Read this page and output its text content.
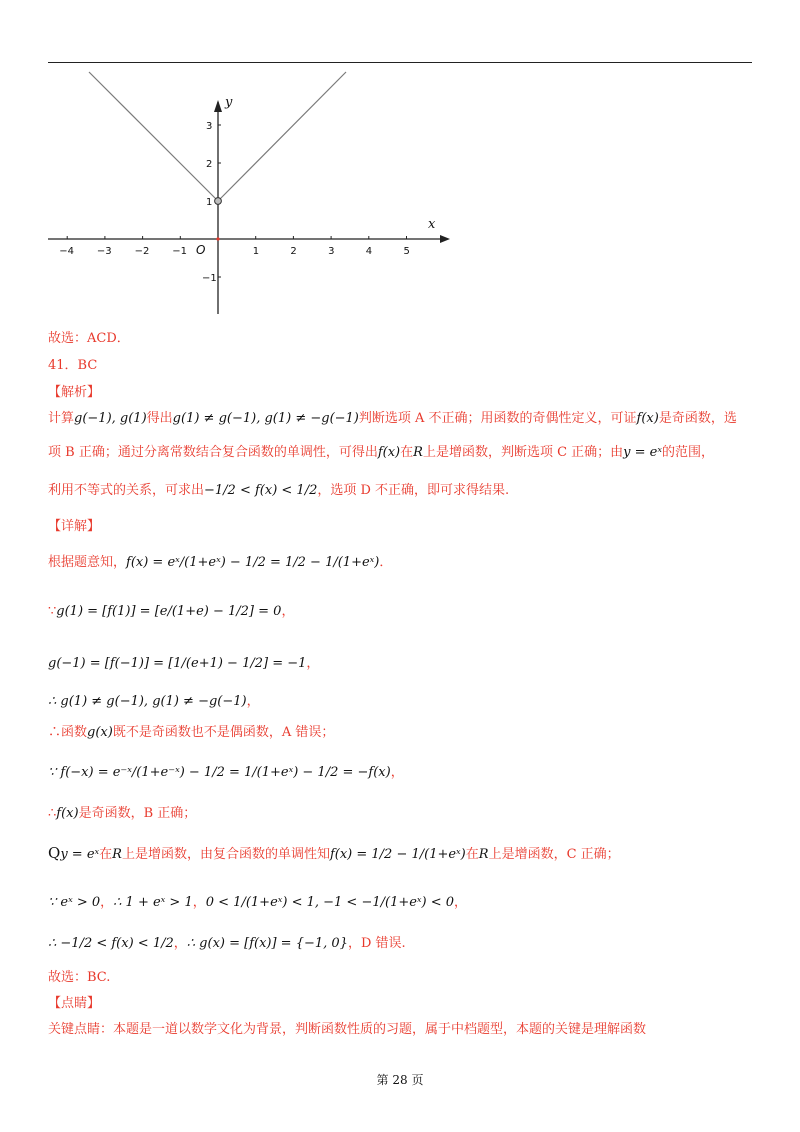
−4 −3 −2 −1	1	2	3	4	5
3
2
1
−1
x
y
O
故选：ACD．
41．BC
【解析】
计算g(−1), g(1)得出g(1) ≠ g(−1), g(1) ≠ −g(−1)判断选项 A 不正确；用函数的奇偶性定义，可证f(x)是奇函数，选
项 B 正确；通过分离常数结合复合函数的单调性，可得出f(x)在R上是增函数，判断选项 C 正确；由y = eˣ的范围，
利用不等式的关系，可求出−1/2 < f(x) < 1/2，选项 D 不正确，即可求得结果.
【详解】
根据题意知，f(x) = eˣ/(1+eˣ) − 1/2 = 1/2 − 1/(1+eˣ)．
∵g(1) = [f(1)] = [e/(1+e) − 1/2] = 0，
g(−1) = [f(−1)] = [1/(e+1) − 1/2] = −1，
∴ g(1) ≠ g(−1), g(1) ≠ −g(−1)，
∴函数g(x)既不是奇函数也不是偶函数，A 错误；
∵ f(−x) = e⁻ˣ/(1+e⁻ˣ) − 1/2 = 1/(1+eˣ) − 1/2 = −f(x)，
∴f(x)是奇函数，B 正确；
Qy = eˣ在R上是增函数，由复合函数的单调性知f(x) = 1/2 − 1/(1+eˣ)在R上是增函数，C 正确；
∵ eˣ > 0，∴ 1 + eˣ > 1，0 < 1/(1+eˣ) < 1, −1 < −1/(1+eˣ) < 0，
∴ −1/2 < f(x) < 1/2，∴ g(x) = [f(x)] = {−1, 0}，D 错误.
故选：BC.
【点睛】
关键点睛：本题是一道以数学文化为背景，判断函数性质的习题，属于中档题型，本题的关键是理解函数
第 28 页
